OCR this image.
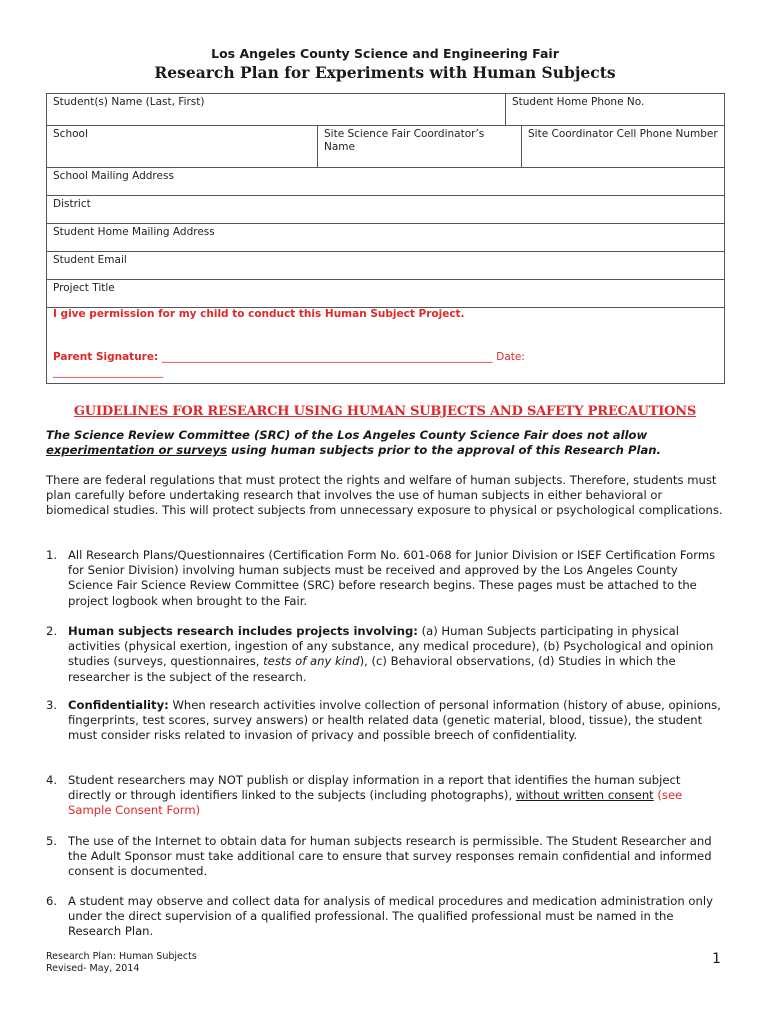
Los Angeles County Science and Engineering Fair
Research Plan for Experiments with Human Subjects
Student(s) Name (Last, First)	Student Home Phone No.
School	Site Science Fair Coordinator’s Name
Site Coordinator Cell Phone Number
School Mailing Address
District
Student Home Mailing Address
Student Email
Project Title
I give permission for my child to conduct this Human Subject Project.
Parent Signature: _______________________________________________________________ Date:
_____________________
GUIDELINES FOR RESEARCH USING HUMAN SUBJECTS AND SAFETY PRECAUTIONS
The Science Review Committee (SRC) of the Los Angeles County Science Fair does not allow experimentation or surveys using human subjects prior to the approval of this Research Plan.
There are federal regulations that must protect the rights and welfare of human subjects. Therefore, students must plan carefully before undertaking research that involves the use of human subjects in either behavioral or biomedical studies. This will protect subjects from unnecessary exposure to physical or psychological complications.
1. All Research Plans/Questionnaires (Certification Form No. 601-068 for Junior Division or ISEF Certification Forms for Senior Division) involving human subjects must be received and approved by the Los Angeles County Science Fair Science Review Committee (SRC) before research begins. These pages must be attached to the project logbook when brought to the Fair.
2. Human subjects research includes projects involving: (a) Human Subjects participating in physical activities (physical exertion, ingestion of any substance, any medical procedure), (b) Psychological and opinion studies (surveys, questionnaires, tests of any kind), (c) Behavioral observations, (d) Studies in which the researcher is the subject of the research.
3. Confidentiality: When research activities involve collection of personal information (history of abuse, opinions, fingerprints, test scores, survey answers) or health related data (genetic material, blood, tissue), the student must consider risks related to invasion of privacy and possible breech of confidentiality.
4. Student researchers may NOT publish or display information in a report that identifies the human subject directly or through identifiers linked to the subjects (including photographs), without written consent (see Sample Consent Form)
5. The use of the Internet to obtain data for human subjects research is permissible. The Student Researcher and the Adult Sponsor must take additional care to ensure that survey responses remain confidential and informed consent is documented.
6. A student may observe and collect data for analysis of medical procedures and medication administration only under the direct supervision of a qualified professional. The qualified professional must be named in the Research Plan.
Research Plan: Human Subjects
Revised- May, 2014
1
